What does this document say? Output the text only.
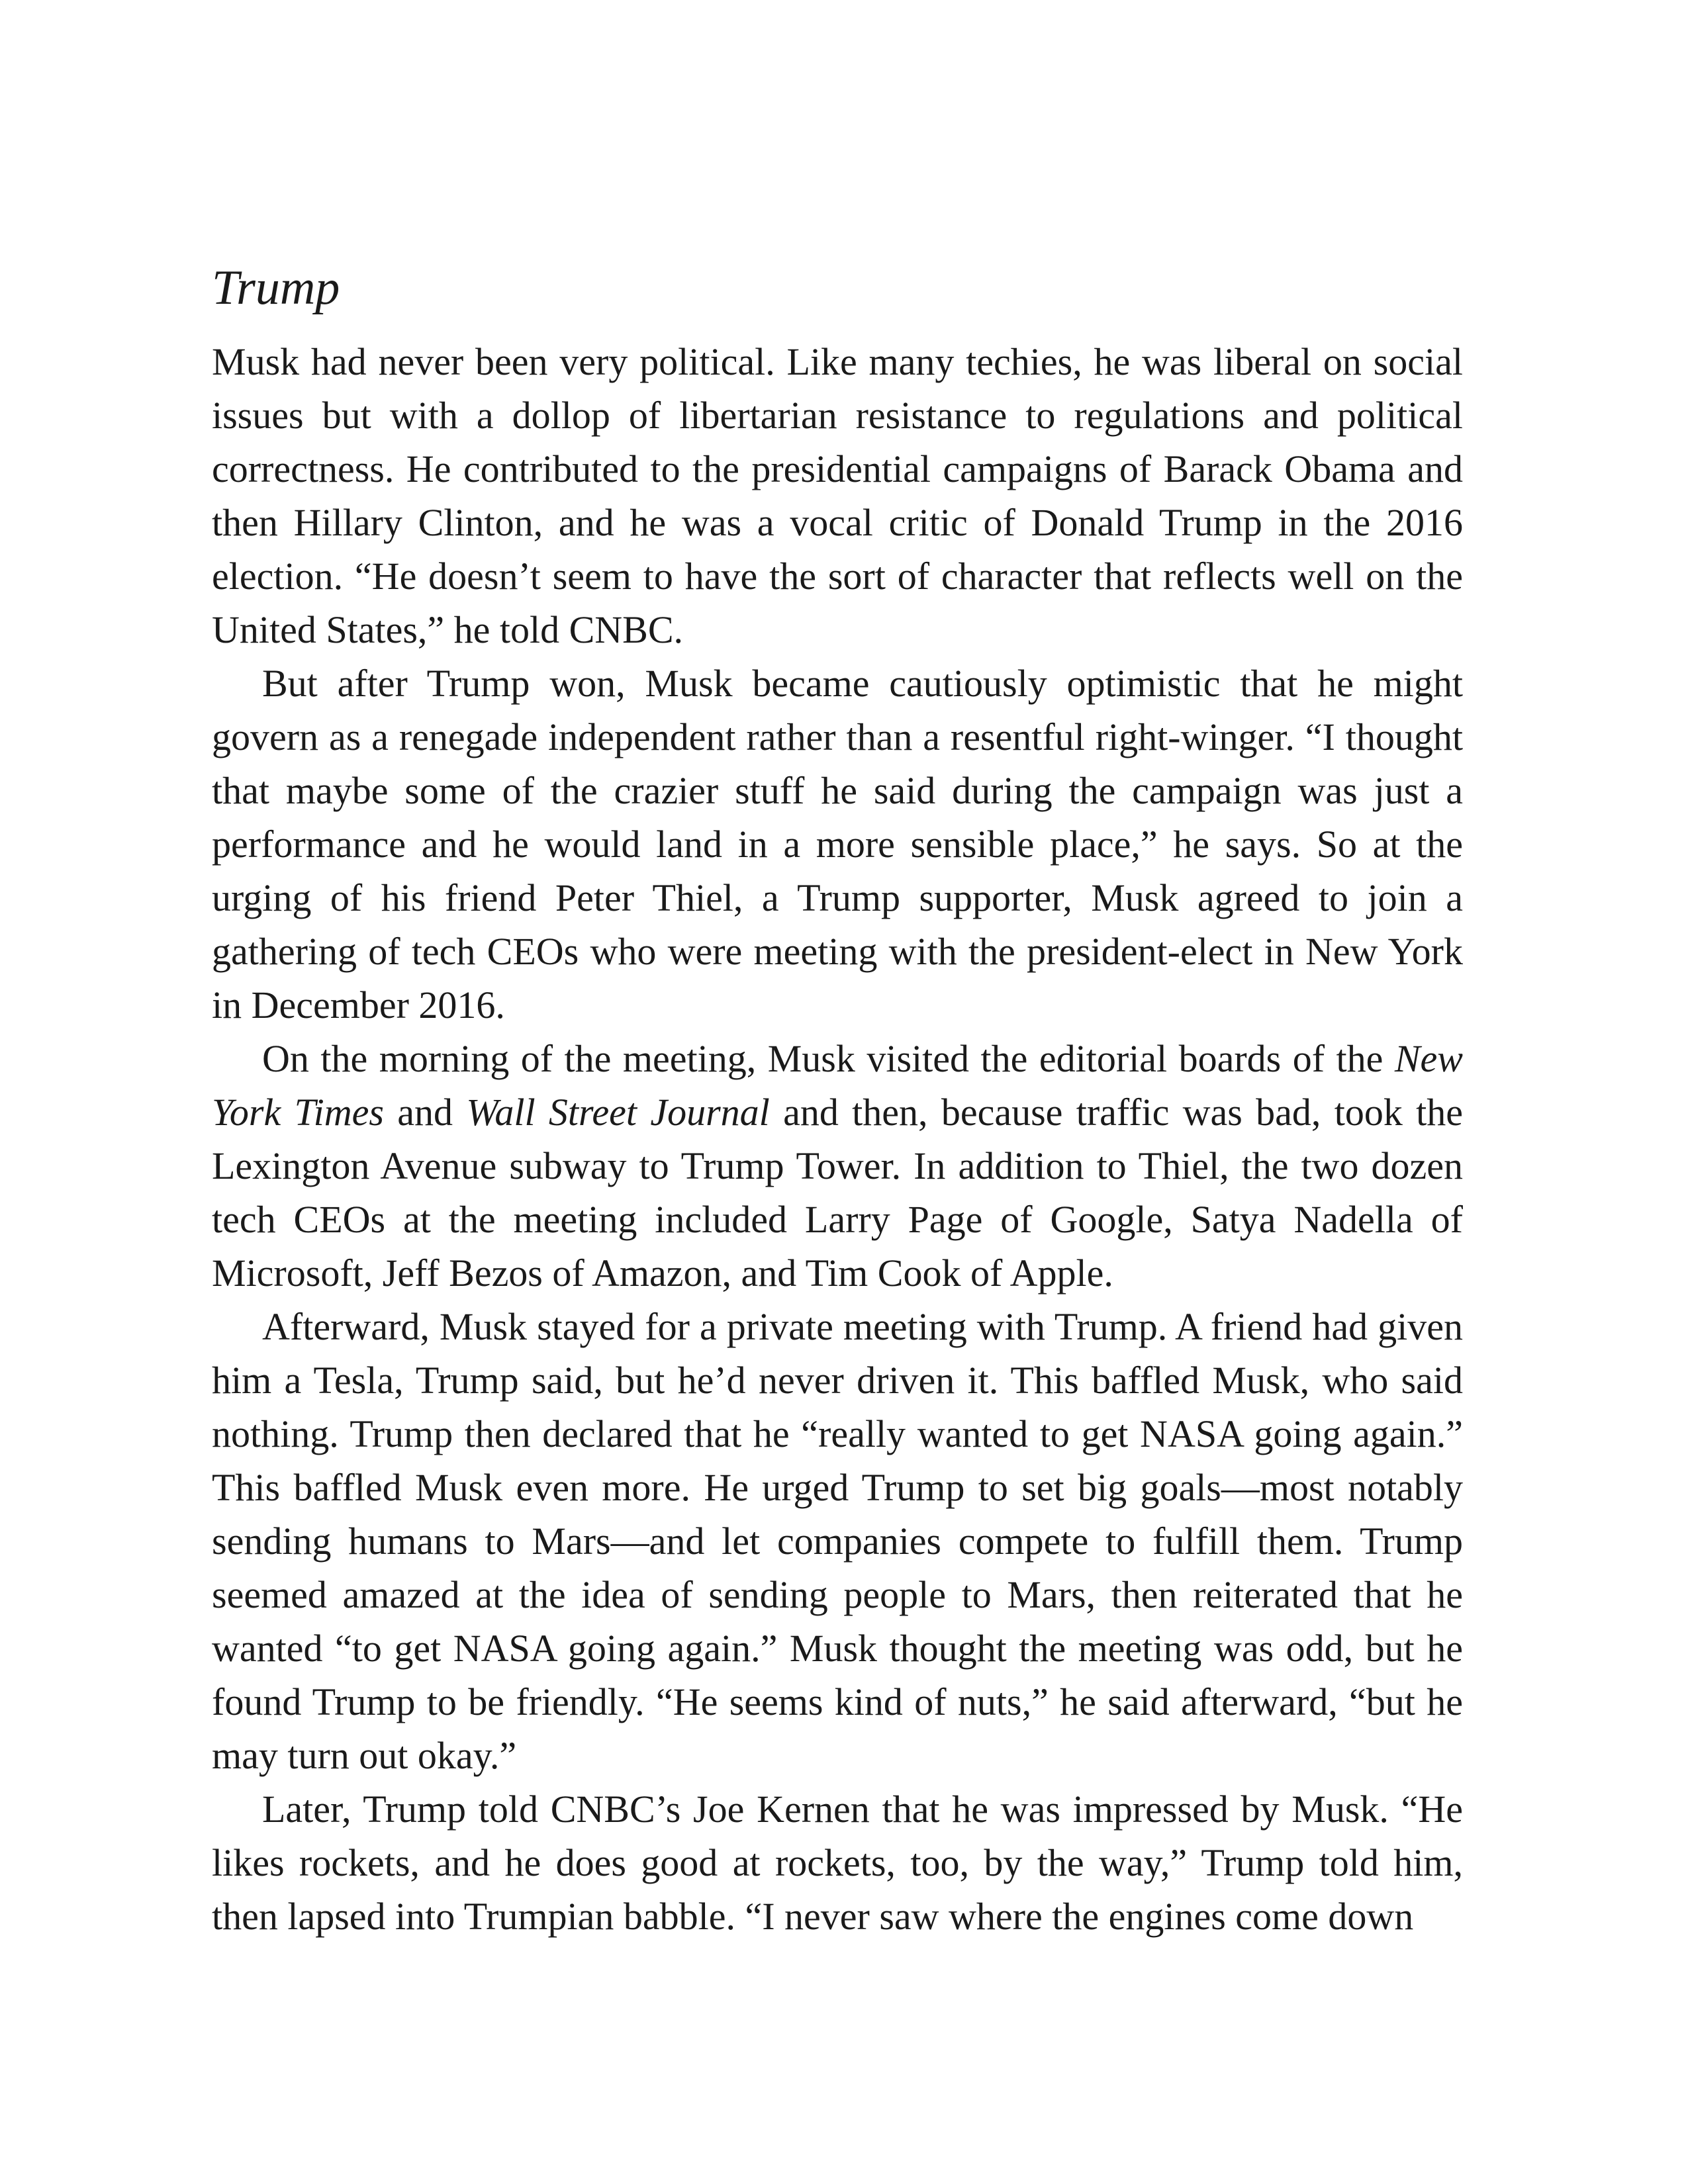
Trump

Musk had never been very political. Like many techies, he was liberal on social issues but with a dollop of libertarian resistance to regulations and political correctness. He contributed to the presidential campaigns of Barack Obama and then Hillary Clinton, and he was a vocal critic of Donald Trump in the 2016 election. “He doesn’t seem to have the sort of character that reflects well on the United States,” he told CNBC.

But after Trump won, Musk became cautiously optimistic that he might govern as a renegade independent rather than a resentful right-winger. “I thought that maybe some of the crazier stuff he said during the campaign was just a performance and he would land in a more sensible place,” he says. So at the urging of his friend Peter Thiel, a Trump supporter, Musk agreed to join a gathering of tech CEOs who were meeting with the president-elect in New York in December 2016.

On the morning of the meeting, Musk visited the editorial boards of the New York Times and Wall Street Journal and then, because traffic was bad, took the Lexington Avenue subway to Trump Tower. In addition to Thiel, the two dozen tech CEOs at the meeting included Larry Page of Google, Satya Nadella of Microsoft, Jeff Bezos of Amazon, and Tim Cook of Apple.

Afterward, Musk stayed for a private meeting with Trump. A friend had given him a Tesla, Trump said, but he’d never driven it. This baffled Musk, who said nothing. Trump then declared that he “really wanted to get NASA going again.” This baffled Musk even more. He urged Trump to set big goals—most notably sending humans to Mars—and let companies compete to fulfill them. Trump seemed amazed at the idea of sending people to Mars, then reiterated that he wanted “to get NASA going again.” Musk thought the meeting was odd, but he found Trump to be friendly. “He seems kind of nuts,” he said afterward, “but he may turn out okay.”

Later, Trump told CNBC’s Joe Kernen that he was impressed by Musk. “He likes rockets, and he does good at rockets, too, by the way,” Trump told him, then lapsed into Trumpian babble. “I never saw where the engines come down
